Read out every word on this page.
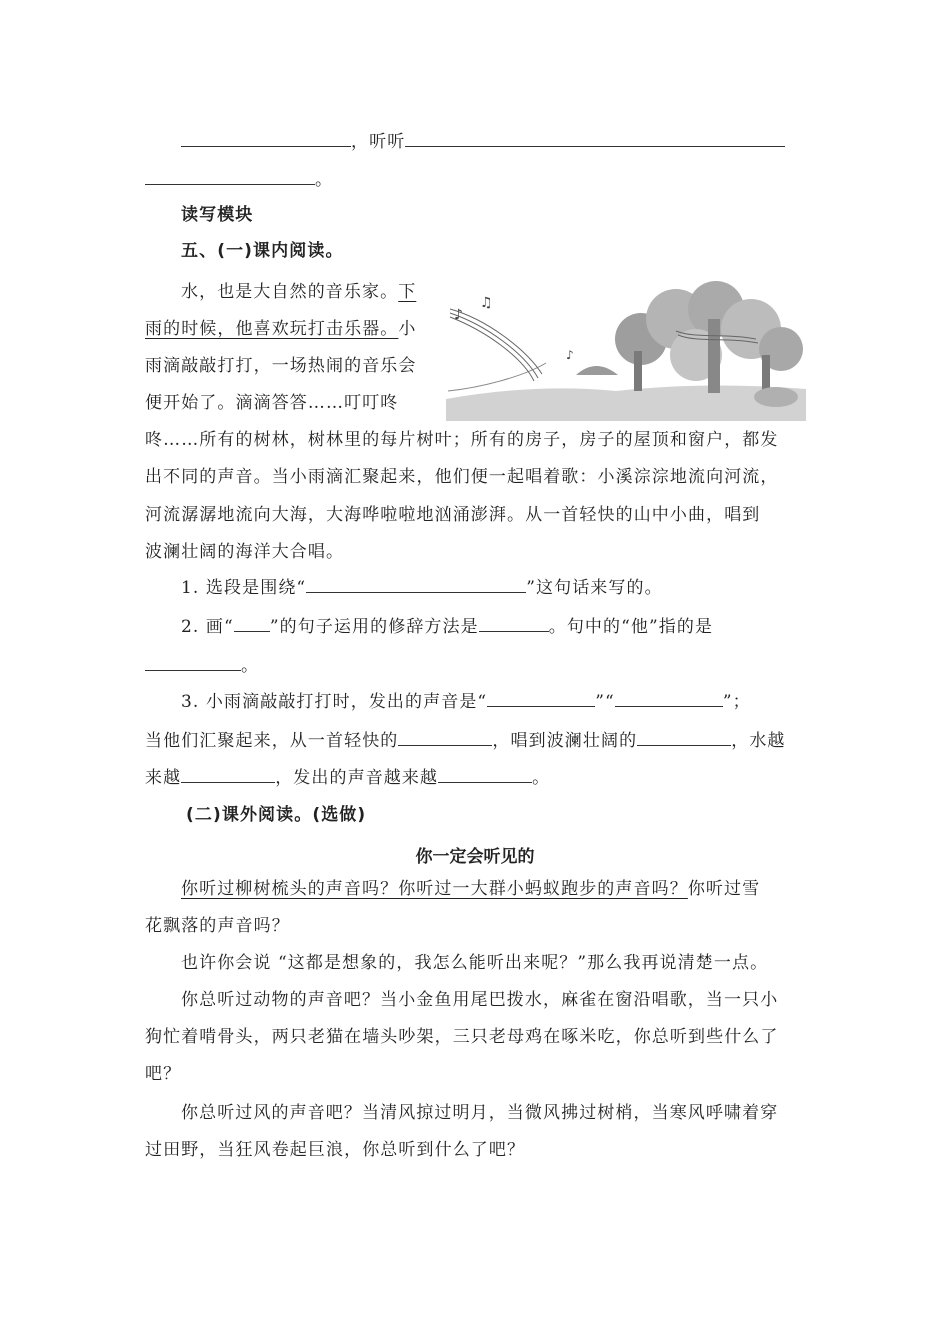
，听听
。
读写模块
五、(一)课内阅读。
水，也是大自然的音乐家。下
雨的时候，他喜欢玩打击乐器。小
雨滴敲敲打打，一场热闹的音乐会
便开始了。滴滴答答……叮叮咚
♪
♫
♪
咚……所有的树林，树林里的每片树叶；所有的房子，房子的屋顶和窗户，都发
出不同的声音。当小雨滴汇聚起来，他们便一起唱着歌：小溪淙淙地流向河流，
河流潺潺地流向大海，大海哗啦啦地汹涌澎湃。从一首轻快的山中小曲，唱到
波澜壮阔的海洋大合唱。
1. 选段是围绕“	”这句话来写的。
2. 画“ ”的句子运用的修辞方法是	。句中的“他”指的是
。
3. 小雨滴敲敲打打时，发出的声音是“	”“	”；
当他们汇聚起来，从一首轻快的	，唱到波澜壮阔的	，水越
来越	，发出的声音越来越	。
(二)课外阅读。(选做)
你一定会听见的
你听过柳树梳头的声音吗？你听过一大群小蚂蚁跑步的声音吗？你听过雪
花飘落的声音吗？
也许你会说 “这都是想象的，我怎么能听出来呢？”那么我再说清楚一点。
你总听过动物的声音吧？当小金鱼用尾巴拨水，麻雀在窗沿唱歌，当一只小
狗忙着啃骨头，两只老猫在墙头吵架，三只老母鸡在啄米吃，你总听到些什么了
吧？
你总听过风的声音吧？当清风掠过明月，当微风拂过树梢，当寒风呼啸着穿
过田野，当狂风卷起巨浪，你总听到什么了吧？
